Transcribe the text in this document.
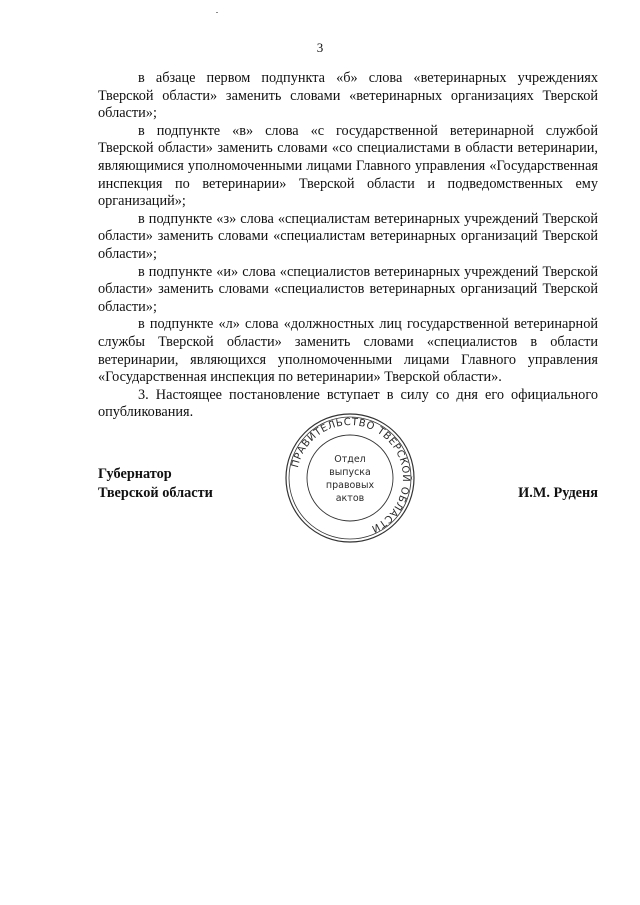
3

в абзаце первом подпункта «б» слова «ветеринарных учреждениях Тверской области» заменить словами «ветеринарных организациях Тверской области»;

в подпункте «в» слова «с государственной ветеринарной службой Тверской области» заменить словами «со специалистами в области ветеринарии, являющимися уполномоченными лицами Главного управления «Государственная инспекция по ветеринарии» Тверской области и подведомственных ему организаций»;

в подпункте «з» слова «специалистам ветеринарных учреждений Тверской области» заменить словами «специалистам ветеринарных организаций Тверской области»;

в подпункте «и» слова «специалистов ветеринарных учреждений Тверской области» заменить словами «специалистов ветеринарных организаций Тверской области»;

в подпункте «л» слова «должностных лиц государственной ветеринарной службы Тверской области» заменить словами «специалистов в области ветеринарии, являющихся уполномоченными лицами Главного управления «Государственная инспекция по ветеринарии» Тверской области».

3. Настоящее постановление вступает в силу со дня его официального опубликования.

Губернатор
Тверской области	И.М. Руденя
ПРАВИТЕЛЬСТВО ТВЕРСКОЙ ОБЛАСТИ
Отдел
выпуска
правовых
актов
